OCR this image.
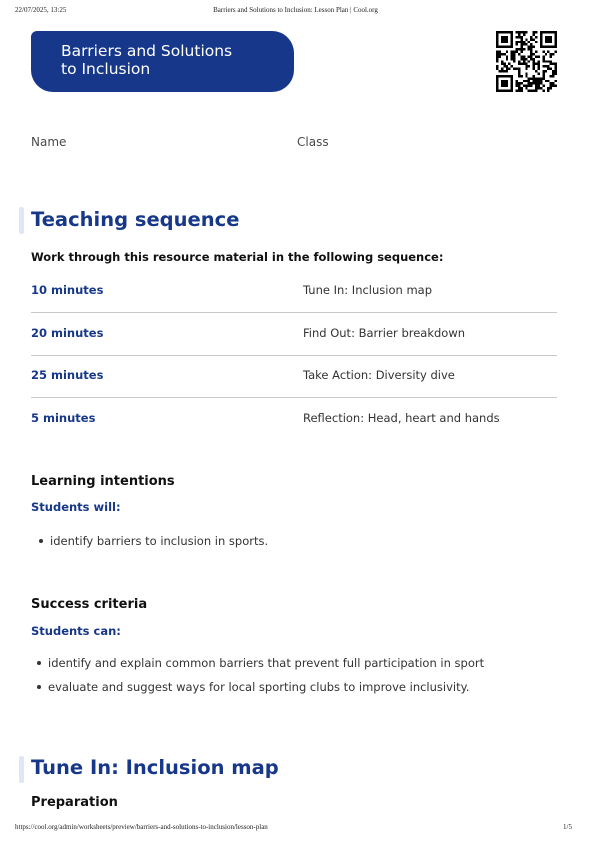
22/07/2025, 13:25	Barriers and Solutions to Inclusion: Lesson Plan | Cool.org
Barriers and Solutions
to Inclusion
Name	Class
Teaching sequence
Work through this resource material in the following sequence:
10 minutes	Tune In: Inclusion map
20 minutes	Find Out: Barrier breakdown
25 minutes	Take Action: Diversity dive
5 minutes	Reflection: Head, heart and hands
Learning intentions
Students will:
identify barriers to inclusion in sports.
Success criteria
Students can:
identify and explain common barriers that prevent full participation in sport
evaluate and suggest ways for local sporting clubs to improve inclusivity.
Tune In: Inclusion map
Preparation
https://cool.org/admin/worksheets/preview/barriers-and-solutions-to-inclusion/lesson-plan	1/5
